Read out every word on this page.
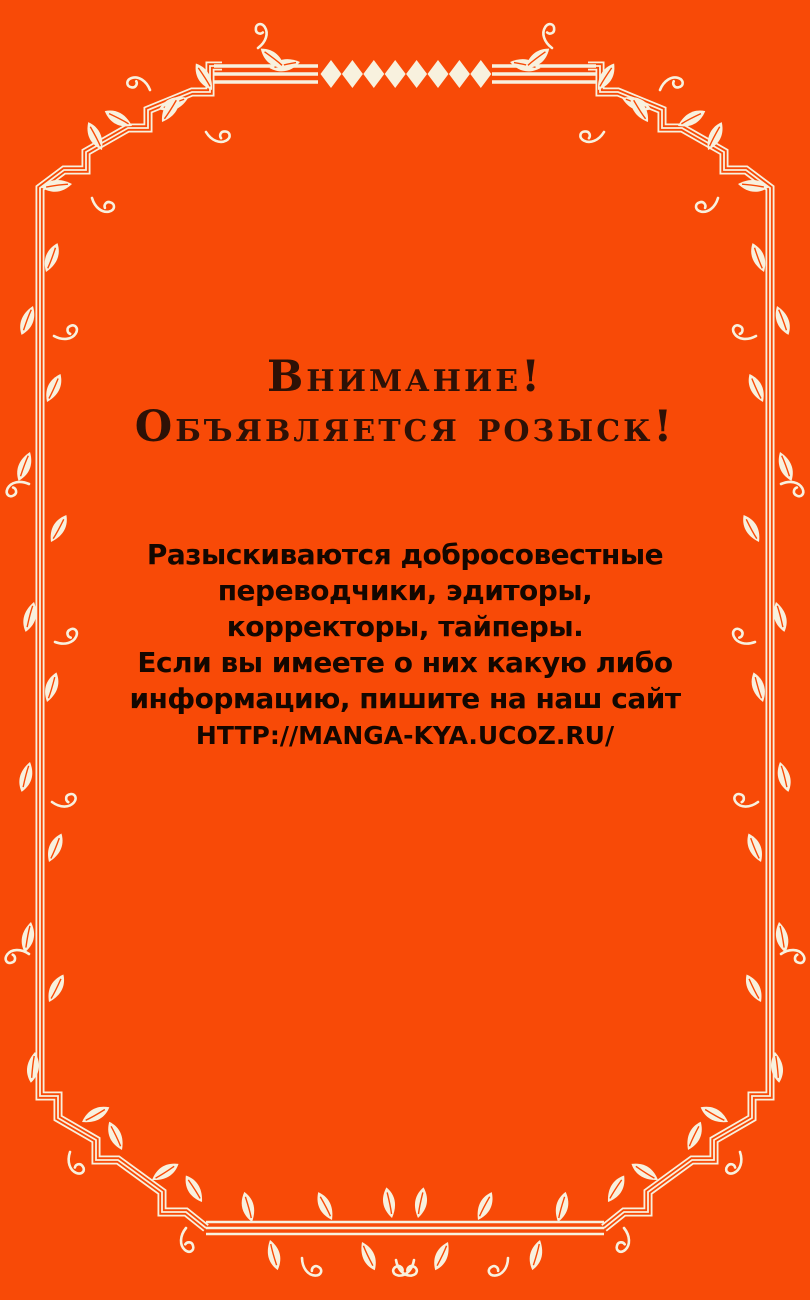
Внимание!
Объявляется розыск!
Разыскиваются добросовестные
переводчики, эдиторы,
корректоры, тайперы.
Если вы имеете о них какую либо
информацию, пишите на наш сайт
HTTP://MANGA-KYA.UCOZ.RU/
